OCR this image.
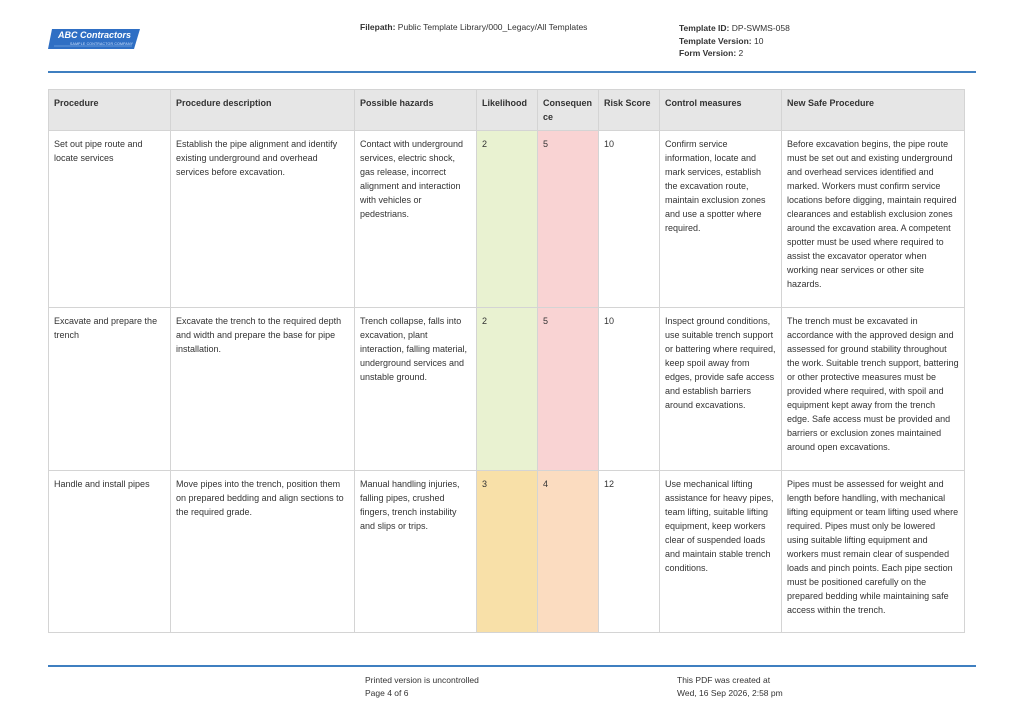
ABC Contractors
SAMPLE CONTRACTOR COMPANY
Filepath: Public Template Library/000_Legacy/All Templates	Template ID: DP-SWMS-058
Template Version: 10
Form Version: 2
Procedure	Procedure description	Possible hazards	Likelihood	Consequen ce	Risk Score	Control measures	New Safe Procedure
Set out pipe route and locate services	Establish the pipe alignment and identify existing underground and overhead services before excavation.	Contact with underground services, electric shock, gas release, incorrect alignment and interaction with vehicles or pedestrians.	2	5	10	Confirm service information, locate and mark services, establish the excavation route, maintain exclusion zones and use a spotter where required.	Before excavation begins, the pipe route must be set out and existing underground and overhead services identified and marked. Workers must confirm service locations before digging, maintain required clearances and establish exclusion zones around the excavation area. A competent spotter must be used where required to assist the excavator operator when working near services or other site hazards.
Excavate and prepare the trench	Excavate the trench to the required depth and width and prepare the base for pipe installation.	Trench collapse, falls into excavation, plant interaction, falling material, underground services and unstable ground.	2	5	10	Inspect ground conditions, use suitable trench support or battering where required, keep spoil away from edges, provide safe access and establish barriers around excavations.	The trench must be excavated in accordance with the approved design and assessed for ground stability throughout the work. Suitable trench support, battering or other protective measures must be provided where required, with spoil and equipment kept away from the trench edge. Safe access must be provided and barriers or exclusion zones maintained around open excavations.
Handle and install pipes	Move pipes into the trench, position them on prepared bedding and align sections to the required grade.	Manual handling injuries, falling pipes, crushed fingers, trench instability and slips or trips.	3	4	12	Use mechanical lifting assistance for heavy pipes, team lifting, suitable lifting equipment, keep workers clear of suspended loads and maintain stable trench conditions.	Pipes must be assessed for weight and length before handling, with mechanical lifting equipment or team lifting used where required. Pipes must only be lowered using suitable lifting equipment and workers must remain clear of suspended loads and pinch points. Each pipe section must be positioned carefully on the prepared bedding while maintaining safe access within the trench.
Printed version is uncontrolled
Page 4 of 6
This PDF was created at
Wed, 16 Sep 2026, 2:58 pm
